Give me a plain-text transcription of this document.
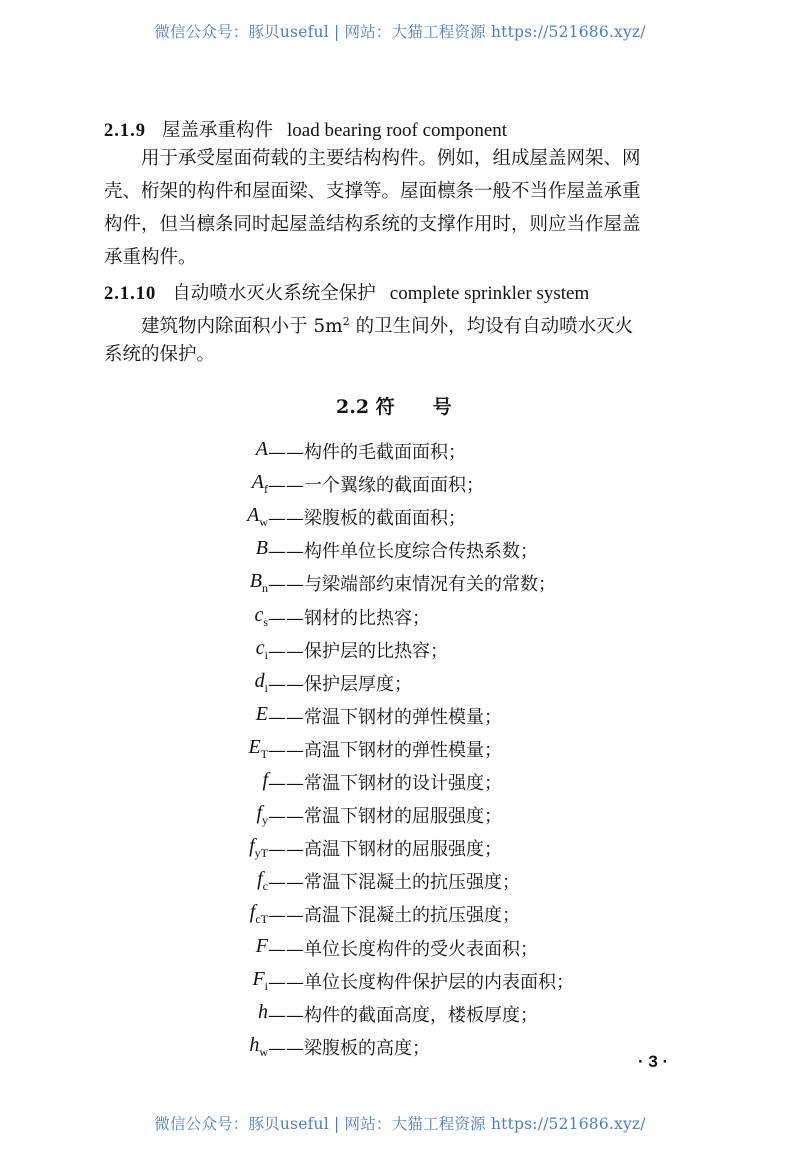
微信公众号：豚贝useful | 网站：大猫工程资源 https://521686.xyz/
2.1.9 屋盖承重构件 load bearing roof component
用于承受屋面荷载的主要结构构件。例如，组成屋盖网架、网
壳、桁架的构件和屋面梁、支撑等。屋面檩条一般不当作屋盖承重
构件，但当檩条同时起屋盖结构系统的支撑作用时，则应当作屋盖
承重构件。
2.1.10 自动喷水灭火系统全保护 complete sprinkler system
建筑物内除面积小于 $5m^2$ 的卫生间外，均设有自动喷水灭火
系统的保护。
2.2 符　　号
A ——构件的毛截面面积；
$A_f$ ——一个翼缘的截面面积；
$A_w$ ——梁腹板的截面面积；
B ——构件单位长度综合传热系数；
$B_n$ ——与梁端部约束情况有关的常数；
$c_s$ ——钢材的比热容；
$c_i$ ——保护层的比热容；
$d_i$ ——保护层厚度；
E ——常温下钢材的弹性模量；
$E_T$ ——高温下钢材的弹性模量；
f ——常温下钢材的设计强度；
$f_y$ ——常温下钢材的屈服强度；
$f_{yT}$ ——高温下钢材的屈服强度；
$f_c$ ——常温下混凝土的抗压强度；
$f_{cT}$ ——高温下混凝土的抗压强度；
F ——单位长度构件的受火表面积；
$F_i$ ——单位长度构件保护层的内表面积；
h ——构件的截面高度，楼板厚度；
$h_w$ ——梁腹板的高度；
· 3 ·
微信公众号：豚贝useful | 网站：大猫工程资源 https://521686.xyz/
